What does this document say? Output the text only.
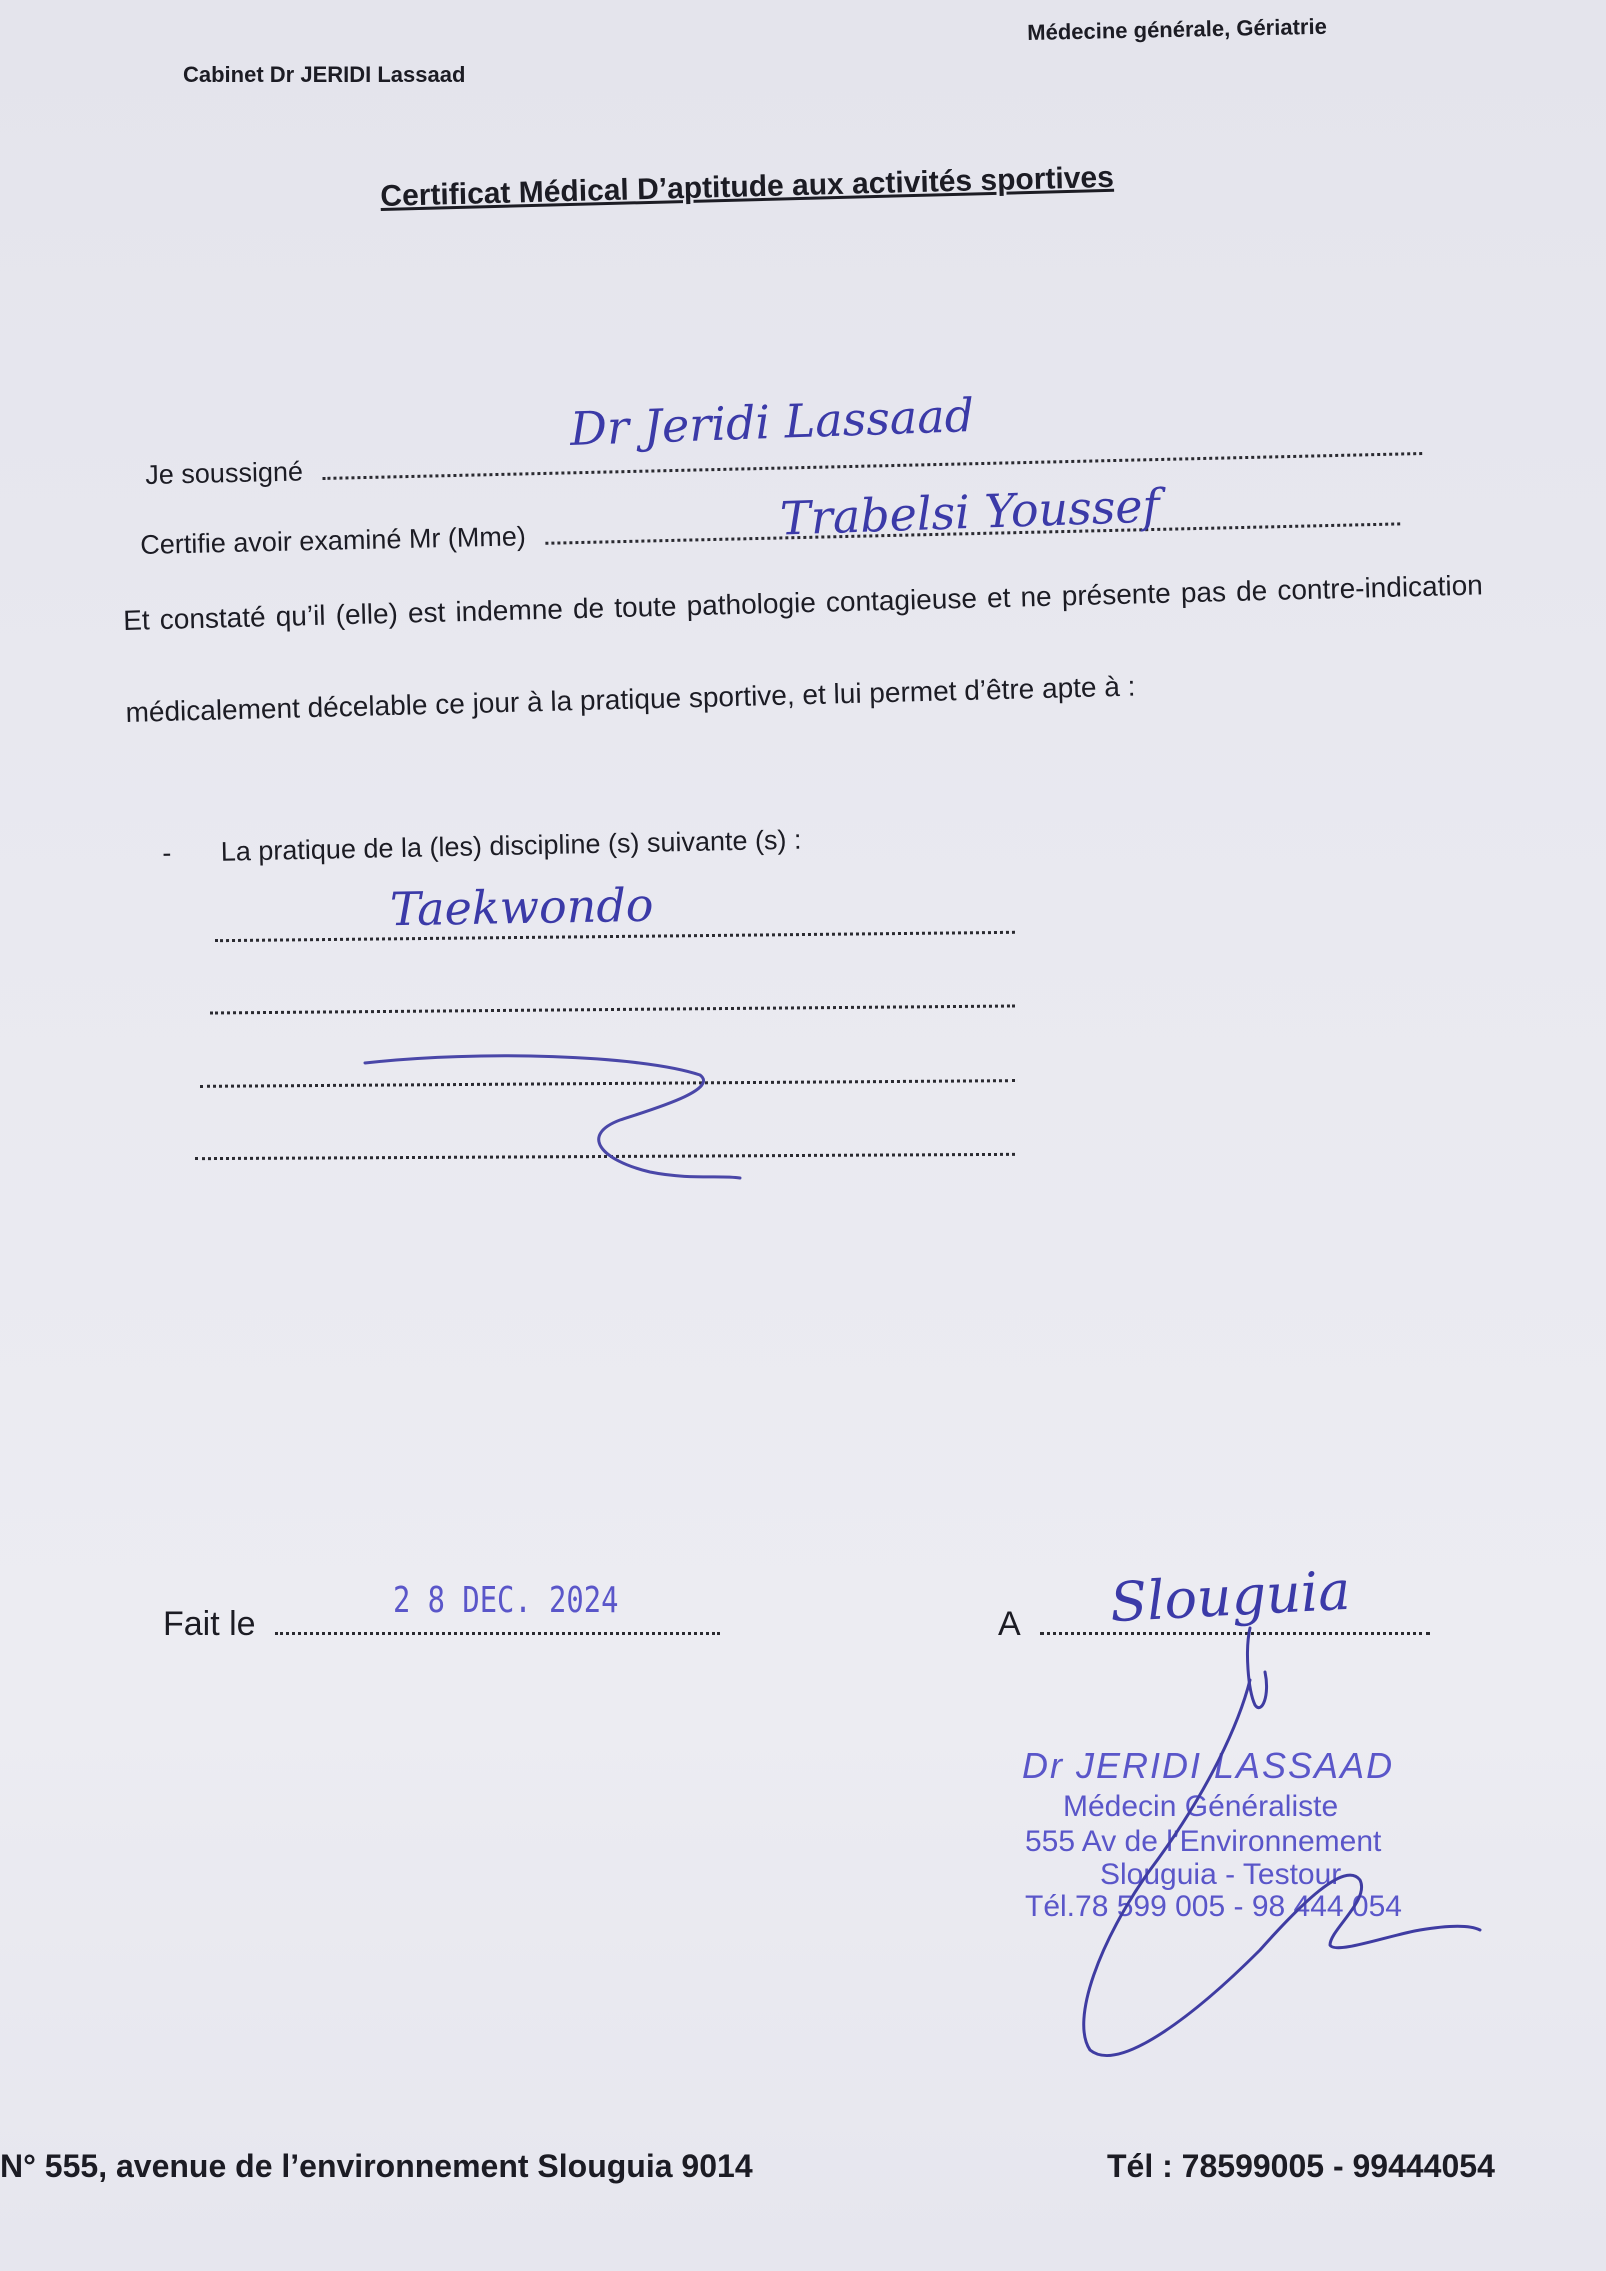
Cabinet Dr JERIDI Lassaad
Médecine générale, Gériatrie
Certificat Médical D’aptitude aux activités sportives
Je soussigné
Dr Jeridi Lassaad
Certifie avoir examiné Mr (Mme)	Trabelsi Youssef
Et constaté qu’il (elle) est indemne de toute pathologie contagieuse et ne présente pas de contre-indication médicalement décelable ce jour à la pratique sportive, et lui permet d’être apte à :
- La pratique de la (les) discipline (s) suivante (s) :
Taekwondo
Fait le
2 8 DEC. 2024
A	Slouguia
Dr JERIDI LASSAAD
Médecin Généraliste
555 Av de l’Environnement
Slouguia - Testour
Tél.78 599 005 - 98 444 054
N° 555, avenue de l’environnement Slouguia 9014	Tél : 78599005 - 99444054
